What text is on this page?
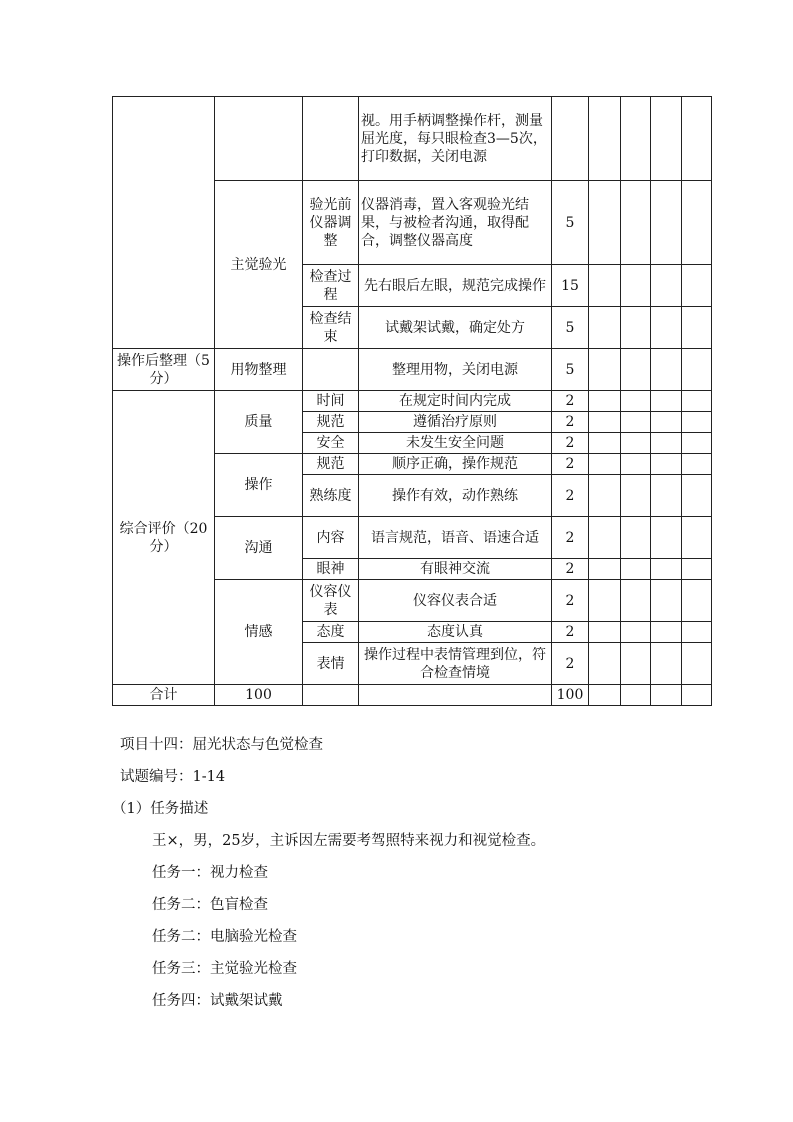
			视。用手柄调整操作杆，测量屈光度，每只眼检查3—5次，打印数据，关闭电源					
	主觉验光	验光前仪器调整	仪器消毒，置入客观验光结果，与被检者沟通，取得配合，调整仪器高度	5				
		检查过程	先右眼后左眼，规范完成操作	15				
		检查结束	试戴架试戴，确定处方	5				
操作后整理（5分）	用物整理		整理用物，关闭电源	5				
综合评价（20分）	质量	时间	在规定时间内完成	2				
		规范	遵循治疗原则	2				
		安全	未发生安全问题	2				
	操作	规范	顺序正确，操作规范	2				
		熟练度	操作有效，动作熟练	2				
	沟通	内容	语言规范，语音、语速合适	2				
		眼神	有眼神交流	2				
	情感	仪容仪表	仪容仪表合适	2				
		态度	态度认真	2				
		表情	操作过程中表情管理到位，符合检查情境	2				
合计	100			100				
项目十四：屈光状态与色觉检查
试题编号：1-14
（1）任务描述
王×，男，25岁，主诉因左需要考驾照特来视力和视觉检查。
任务一：视力检查
任务二：色盲检查
任务二：电脑验光检查
任务三：主觉验光检查
任务四：试戴架试戴
